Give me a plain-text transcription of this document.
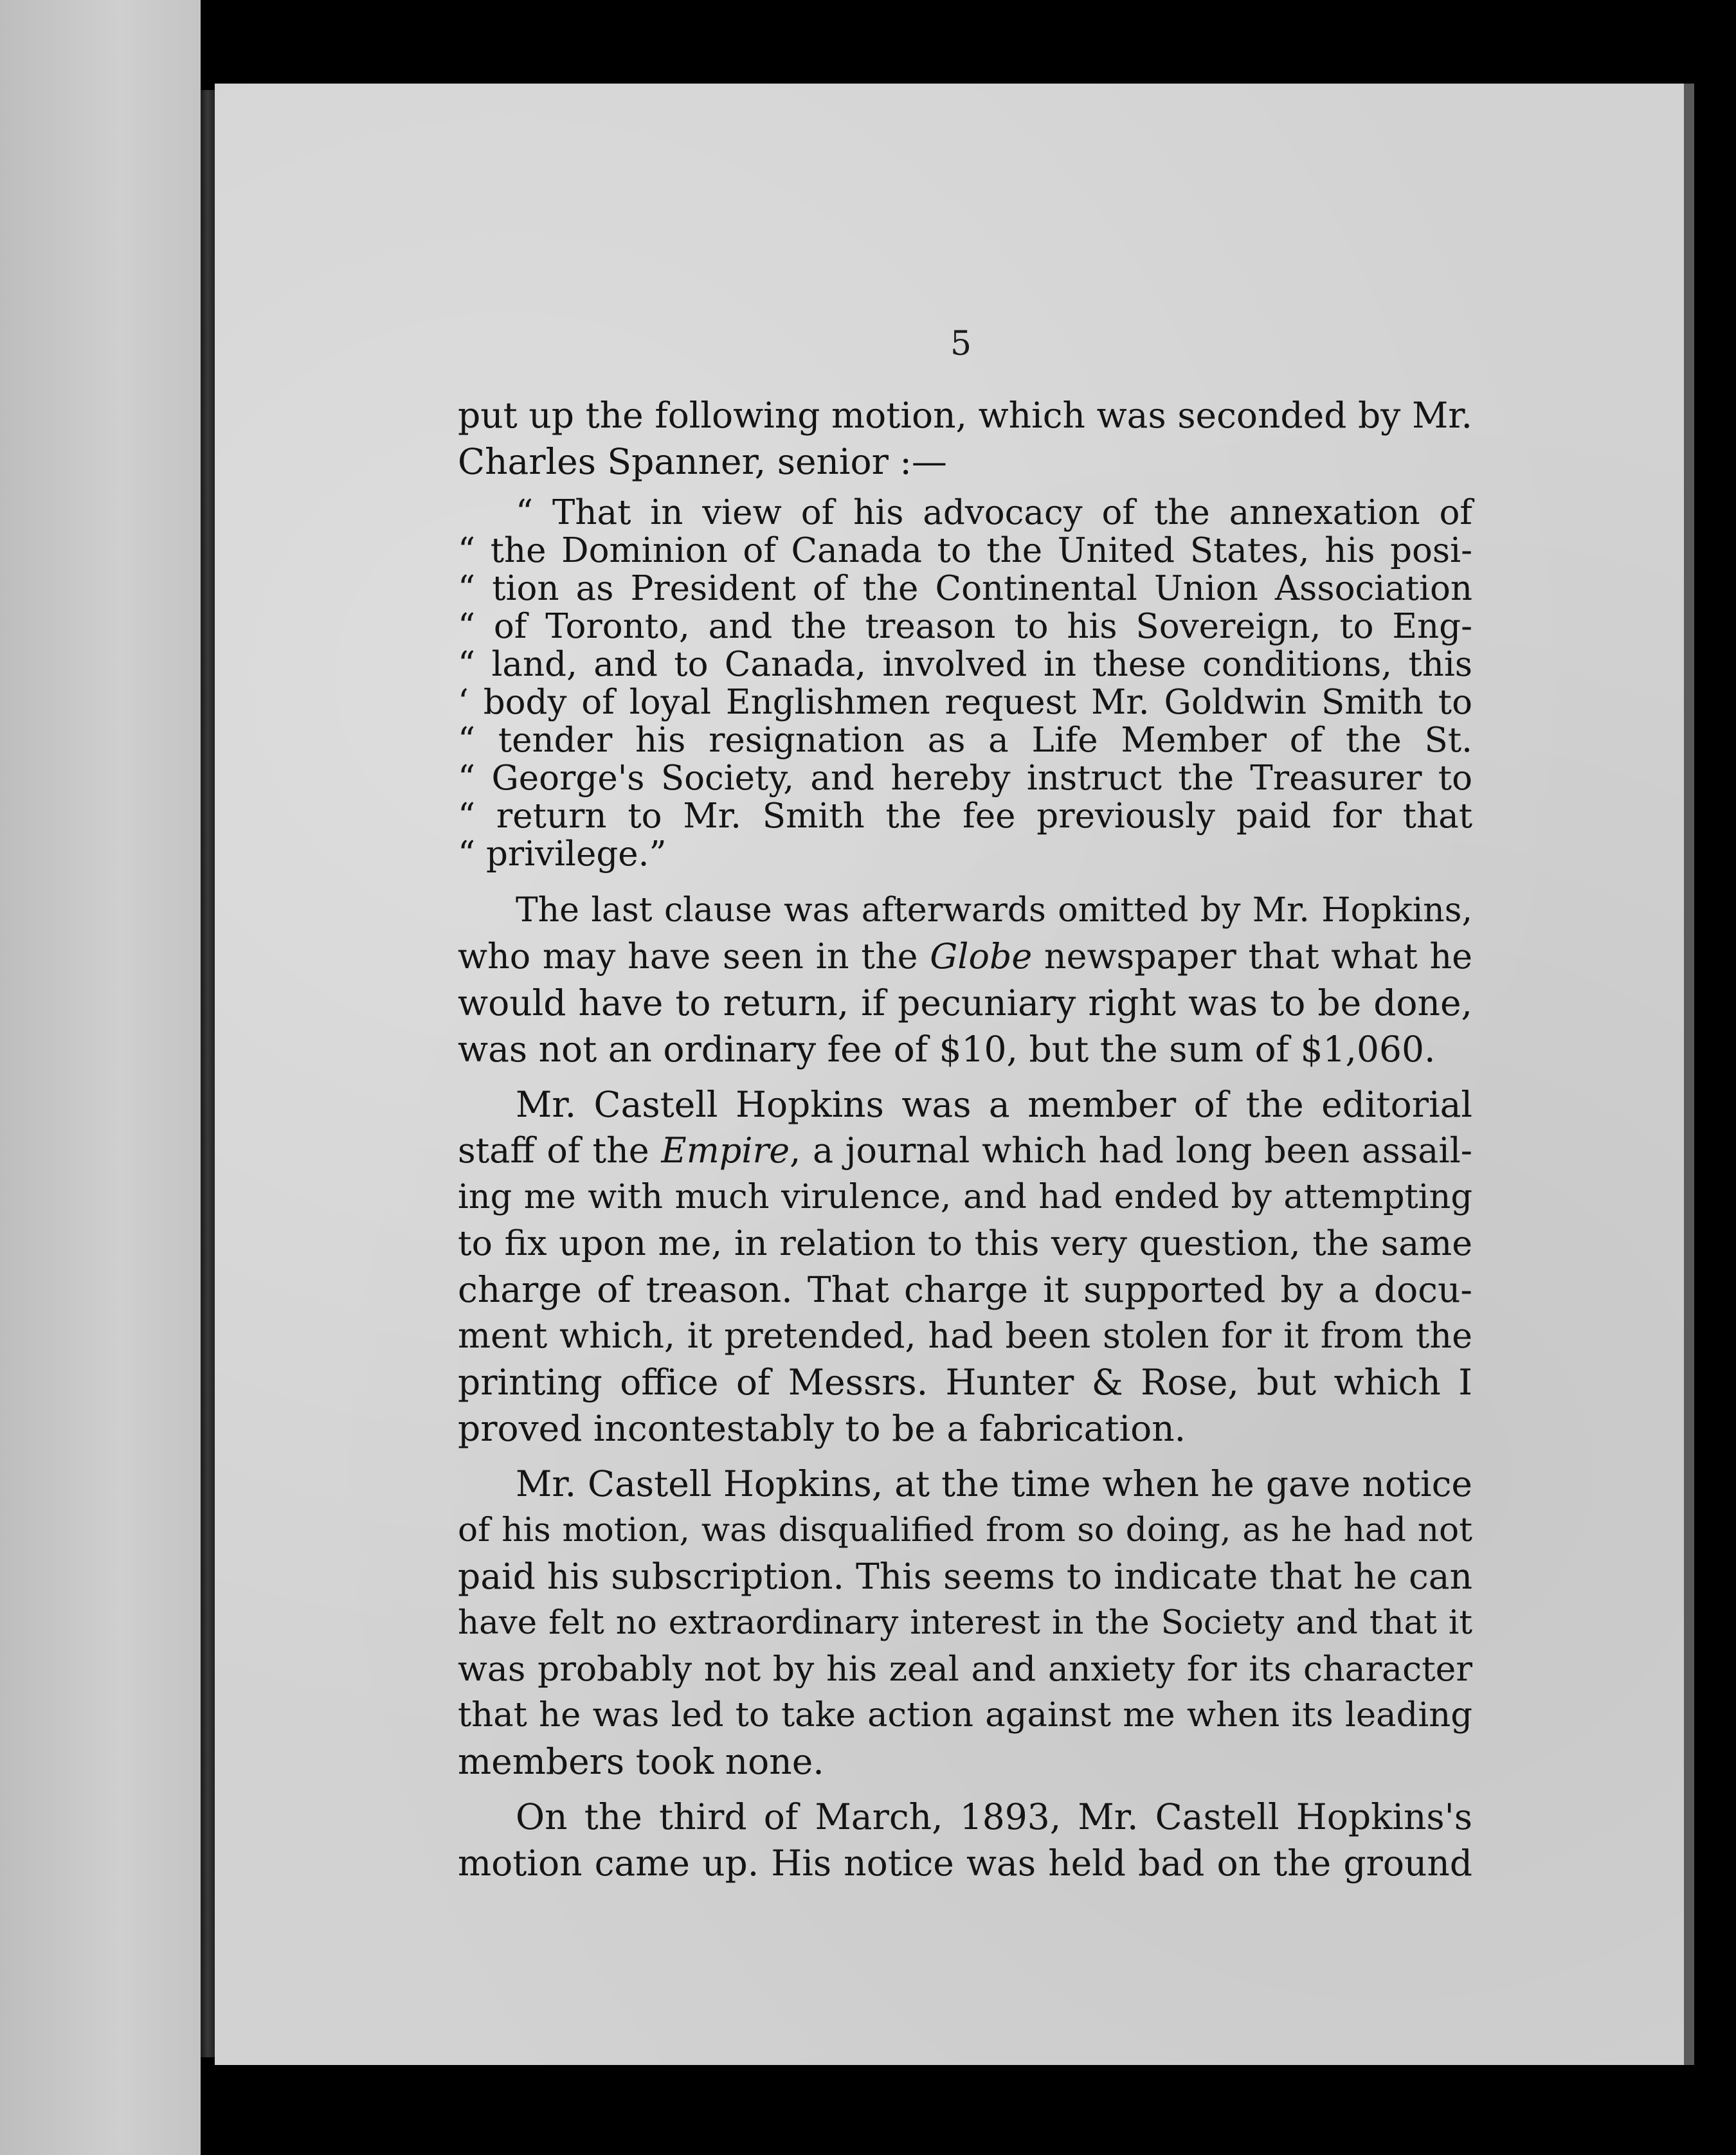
5
put up the following motion, which was seconded by Mr.
Charles Spanner, senior :—
“ That in view of his advocacy of the annexation of
“ the Dominion of Canada to the United States, his posi-
“ tion as President of the Continental Union Association
“ of Toronto, and the treason to his Sovereign, to Eng-
“ land, and to Canada, involved in these conditions, this
‘ body of loyal Englishmen request Mr. Goldwin Smith to
“ tender his resignation as a Life Member of the St.
“ George's Society, and hereby instruct the Treasurer to
“ return to Mr. Smith the fee previously paid for that
“ privilege.”
The last clause was afterwards omitted by Mr. Hopkins,
who may have seen in the Globe newspaper that what he
would have to return, if pecuniary right was to be done,
was not an ordinary fee of $10, but the sum of $1,060.
Mr. Castell Hopkins was a member of the editorial
staff of the Empire, a journal which had long been assail-
ing me with much virulence, and had ended by attempting
to fix upon me, in relation to this very question, the same
charge of treason. That charge it supported by a docu-
ment which, it pretended, had been stolen for it from the
printing office of Messrs. Hunter & Rose, but which I
proved incontestably to be a fabrication.
Mr. Castell Hopkins, at the time when he gave notice
of his motion, was disqualified from so doing, as he had not
paid his subscription. This seems to indicate that he can
have felt no extraordinary interest in the Society and that it
was probably not by his zeal and anxiety for its character
that he was led to take action against me when its leading
members took none.
On the third of March, 1893, Mr. Castell Hopkins's
motion came up. His notice was held bad on the ground
